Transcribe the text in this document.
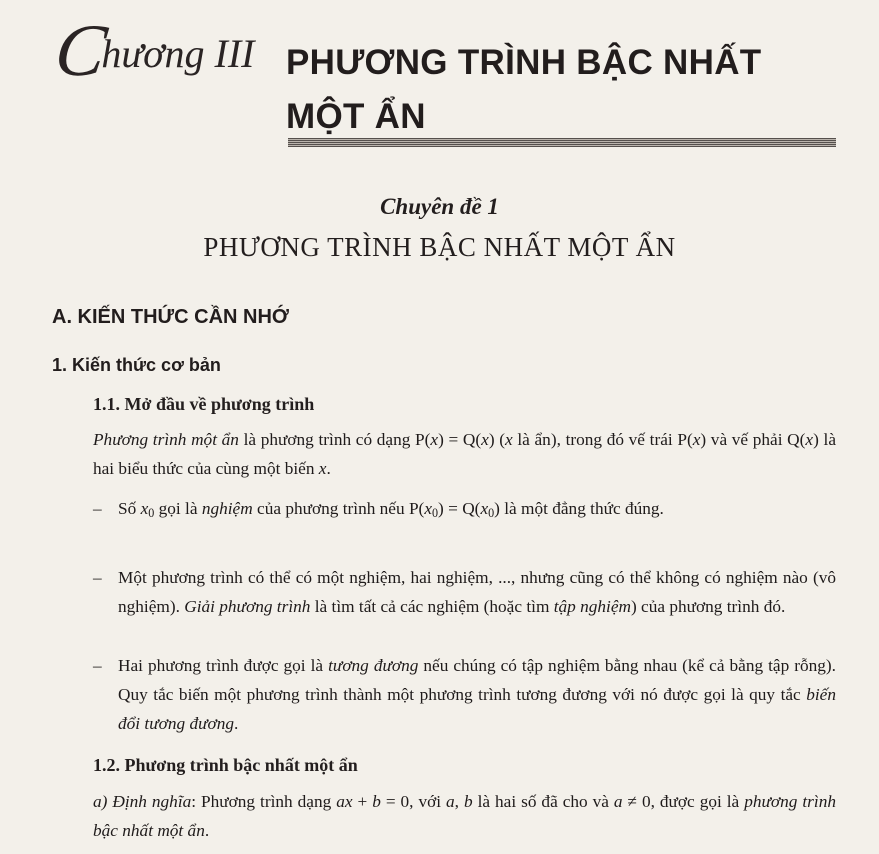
Chương III PHƯƠNG TRÌNH BẬC NHẤT
MỘT ẨN
Chuyên đề 1
PHƯƠNG TRÌNH BẬC NHẤT MỘT ẨN
A. KIẾN THỨC CẦN NHỚ
1. Kiến thức cơ bản
1.1. Mở đầu về phương trình
Phương trình một ẩn là phương trình có dạng P(x) = Q(x) (x là ẩn), trong đó vế trái P(x) và vế phải Q(x) là hai biểu thức của cùng một biến x.
– Số $x_0$ gọi là nghiệm của phương trình nếu $P(x_0) = Q(x_0)$ là một đẳng thức đúng.
– Một phương trình có thể có một nghiệm, hai nghiệm, ..., nhưng cũng có thể không có nghiệm nào (vô nghiệm). Giải phương trình là tìm tất cả các nghiệm (hoặc tìm tập nghiệm) của phương trình đó.
– Hai phương trình được gọi là tương đương nếu chúng có tập nghiệm bằng nhau (kể cả bằng tập rỗng). Quy tắc biến một phương trình thành một phương trình tương đương với nó được gọi là quy tắc biến đổi tương đương.
1.2. Phương trình bậc nhất một ẩn
a) Định nghĩa: Phương trình dạng ax + b = 0, với a, b là hai số đã cho và a ≠ 0, được gọi là phương trình bậc nhất một ẩn.
